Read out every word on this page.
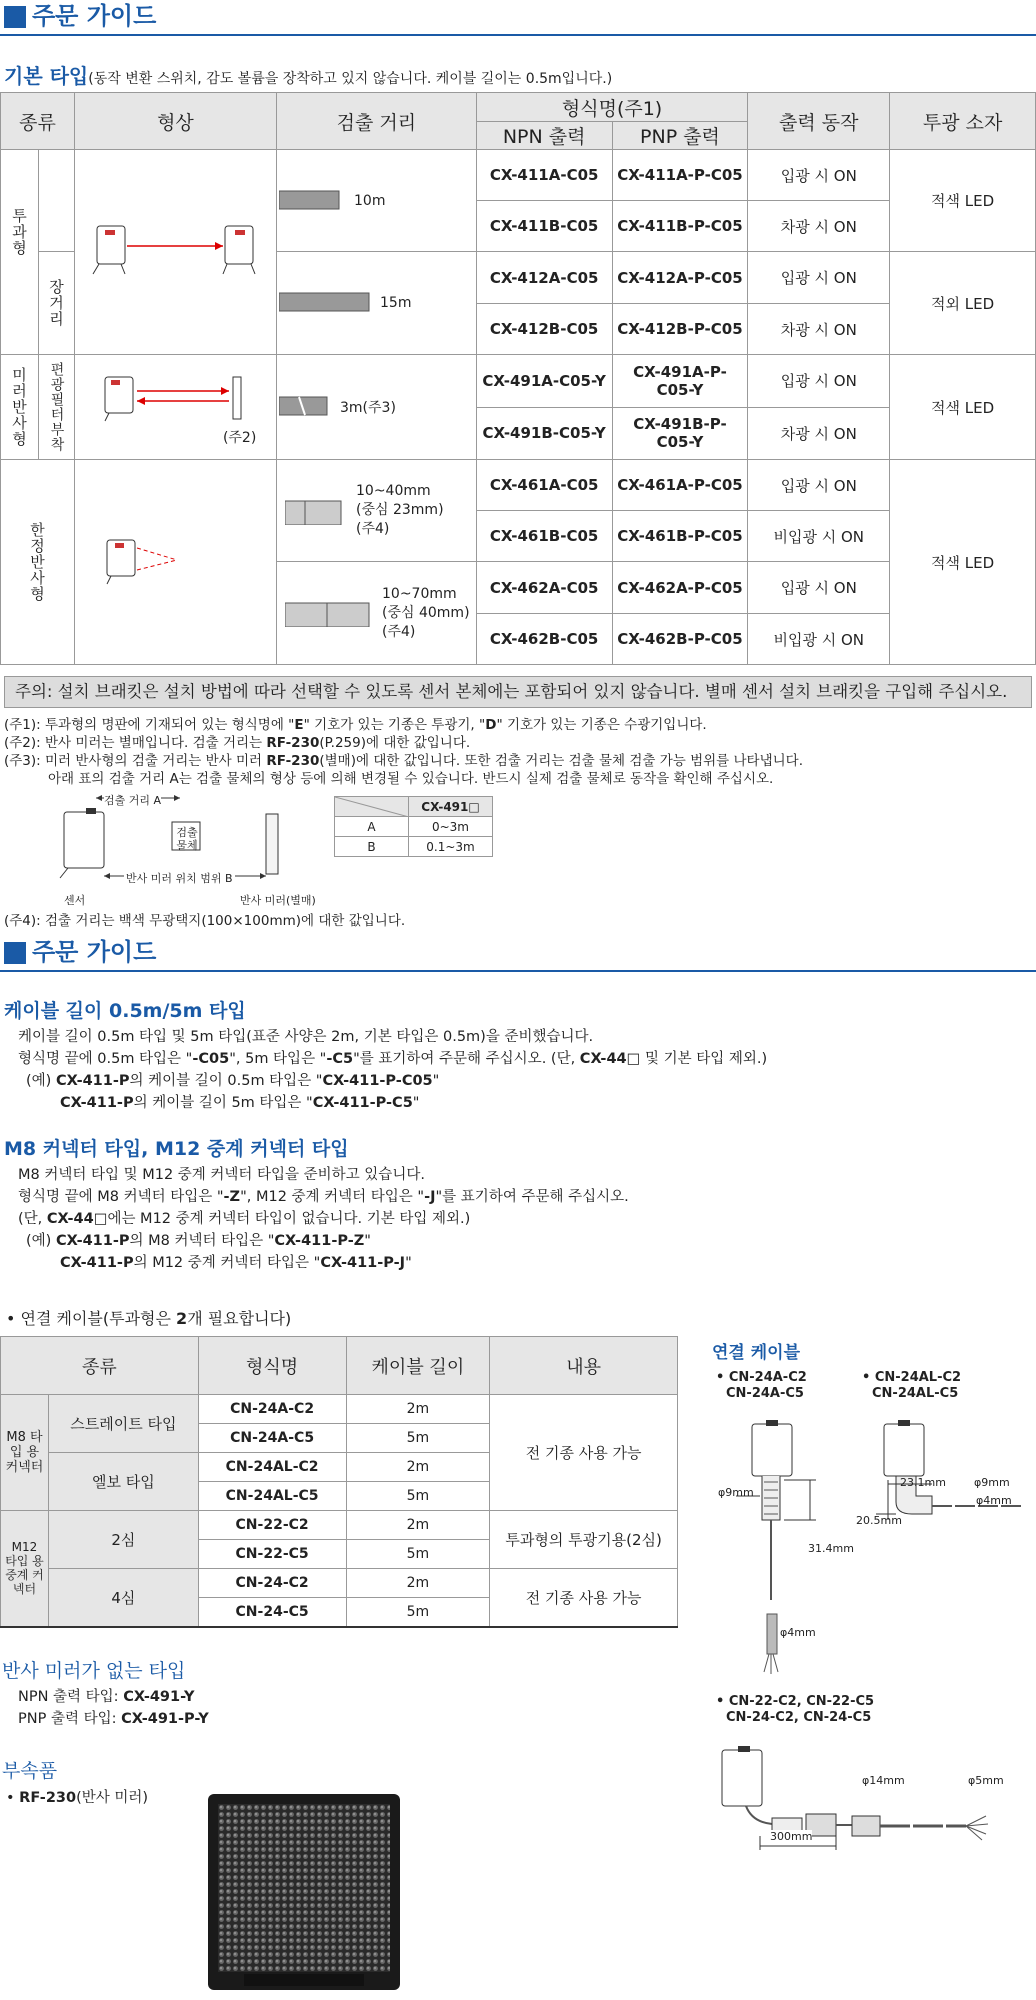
주문 가이드
기본 타입(동작 변환 스위치, 감도 볼륨을 장착하고 있지 않습니다. 케이블 길이는 0.5m입니다.)
종류		형상	검출 거리	형식명(주1)		출력 동작	투광 소자
				NPN 출력	PNP 출력		

투과형			10m	CX-411A-C05	CX-411A-P-C05	입광 시 ON	적색 LED
				CX-411B-C05	CX-411B-P-C05	차광 시 ON	

	장거리		15m	CX-412A-C05	CX-412A-P-C05	입광 시 ON	적외 LED
				CX-412B-C05	CX-412B-P-C05	차광 시 ON	

미러반사형	편광필터부착	(주2)	3m(주3)	CX-491A-C05-Y	CX-491A-P-
C05-Y	입광 시 ON	적색 LED
				CX-491B-C05-Y	CX-491B-P-
C05-Y	차광 시 ON	

한정반사형			10~40mm
(중심 23mm)
(주4)	CX-461A-C05	CX-461A-P-C05	입광 시 ON	적색 LED
				CX-461B-C05	CX-461B-P-C05	비입광 시 ON	
			10~70mm
(중심 40mm)
(주4)	CX-462A-C05	CX-462A-P-C05	입광 시 ON	
				CX-462B-C05	CX-462B-P-C05	비입광 시 ON	
주의: 설치 브래킷은 설치 방법에 따라 선택할 수 있도록 센서 본체에는 포함되어 있지 않습니다. 별매 센서 설치 브래킷을 구입해 주십시오.
(주1): 투과형의 명판에 기재되어 있는 형식명에 "E" 기호가 있는 기종은 투광기, "D" 기호가 있는 기종은 수광기입니다.
(주2): 반사 미러는 별매입니다. 검출 거리는 RF-230(P.259)에 대한 값입니다.
(주3): 미러 반사형의 검출 거리는 반사 미러 RF-230(별매)에 대한 값입니다. 또한 검출 거리는 검출 물체 검출 가능 범위를 나타냅니다.
아래 표의 검출 거리 A는 검출 물체의 형상 등에 의해 변경될 수 있습니다. 반드시 실제 검출 물체로 동작을 확인해 주십시오.
검출 거리 A
검출
물체
반사 미러 위치 범위 B
센서	반사 미러(별매)
	CX-491□
A	0~3m
B	0.1~3m
(주4): 검출 거리는 백색 무광택지(100×100mm)에 대한 값입니다.
주문 가이드
케이블 길이 0.5m/5m 타입
케이블 길이 0.5m 타입 및 5m 타입(표준 사양은 2m, 기본 타입은 0.5m)을 준비했습니다.
형식명 끝에 0.5m 타입은 "-C05", 5m 타입은 "-C5"를 표기하여 주문해 주십시오. (단, CX-44□ 및 기본 타입 제외.)
(예) CX-411-P의 케이블 길이 0.5m 타입은 "CX-411-P-C05"
CX-411-P의 케이블 길이 5m 타입은 "CX-411-P-C5"
M8 커넥터 타입, M12 중계 커넥터 타입
M8 커넥터 타입 및 M12 중계 커넥터 타입을 준비하고 있습니다.
형식명 끝에 M8 커넥터 타입은 "-Z", M12 중계 커넥터 타입은 "-J"를 표기하여 주문해 주십시오.
(단, CX-44□에는 M12 중계 커넥터 타입이 없습니다. 기본 타입 제외.)
(예) CX-411-P의 M8 커넥터 타입은 "CX-411-P-Z"
CX-411-P의 M12 중계 커넥터 타입은 "CX-411-P-J"
• 연결 케이블(투과형은 2개 필요합니다)
종류		형식명	케이블 길이	내용
M8 타입 용 커넥터	스트레이트 타입	CN-24A-C2	2m	전 기종 사용 가능
		CN-24A-C5	5m	
	엘보 타입	CN-24AL-C2	2m	
		CN-24AL-C5	5m	
M12 타입 용 중계 커넥터	2심	CN-22-C2	2m	투과형의 투광기용(2심)
		CN-22-C5	5m	
	4심	CN-24-C2	2m	전 기종 사용 가능
		CN-24-C5	5m	
연결 케이블
• CN-24A-C2
CN-24A-C5
• CN-24AL-C2
CN-24AL-C5
φ9mm
31.4mm
φ4mm
23.1mm	φ9mm
φ4mm
20.5mm
• CN-22-C2, CN-22-C5
CN-24-C2, CN-24-C5
φ14mm	φ5mm
300mm
반사 미러가 없는 타입
NPN 출력 타입: CX-491-Y
PNP 출력 타입: CX-491-P-Y
부속품
• RF-230(반사 미러)
